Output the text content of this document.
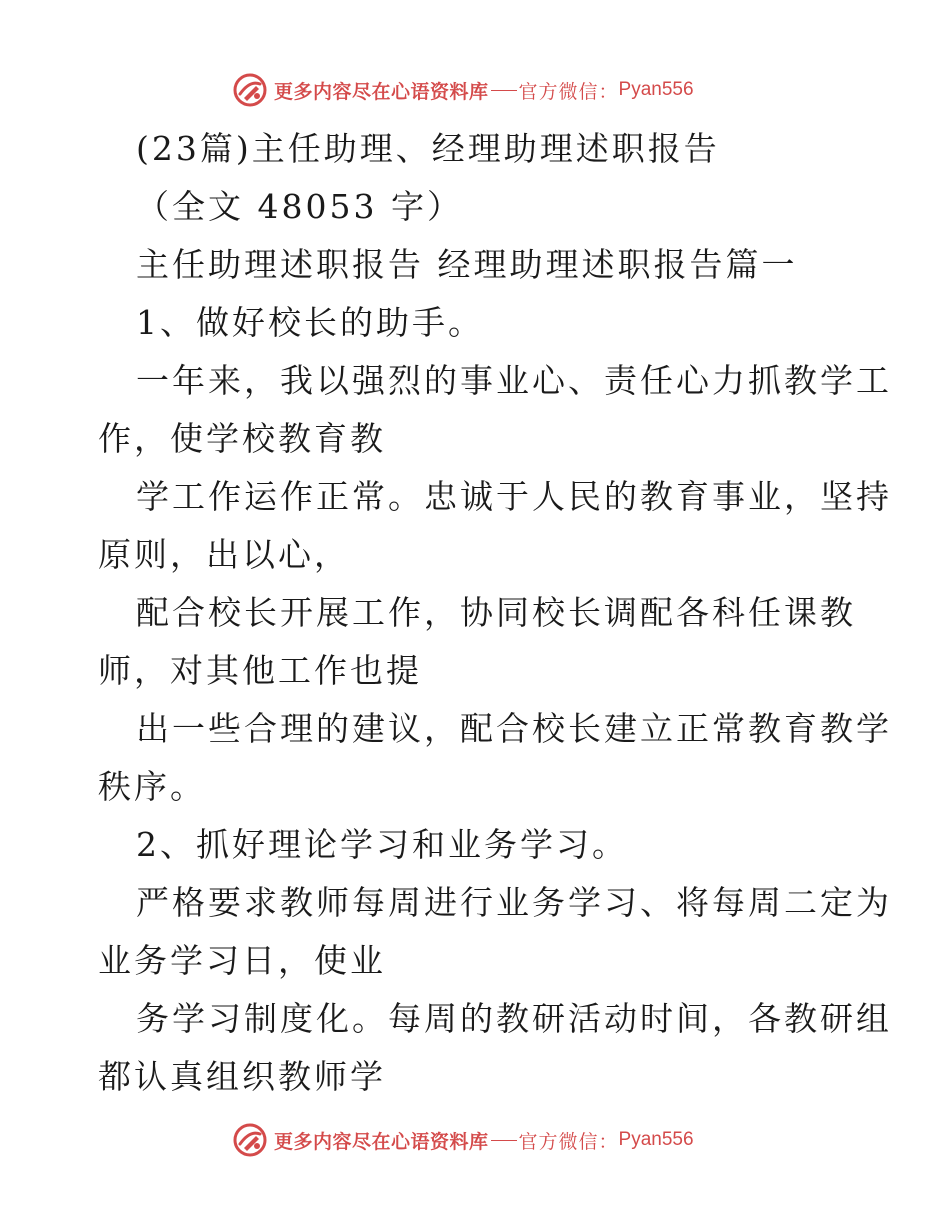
更多内容尽在心语资料库 官方微信： Pyan556
(23篇)主任助理、经理助理述职报告
（全文 48053 字）
主任助理述职报告 经理助理述职报告篇一
1、做好校长的助手。
一年来，我以强烈的事业心、责任心力抓教学工
作，使学校教育教
学工作运作正常。忠诚于人民的教育事业，坚持
原则，出以心，
配合校长开展工作，协同校长调配各科任课教
师，对其他工作也提
出一些合理的建议，配合校长建立正常教育教学
秩序。
2、抓好理论学习和业务学习。
严格要求教师每周进行业务学习、将每周二定为
业务学习日，使业
务学习制度化。每周的教研活动时间，各教研组
都认真组织教师学
更多内容尽在心语资料库 官方微信： Pyan556
